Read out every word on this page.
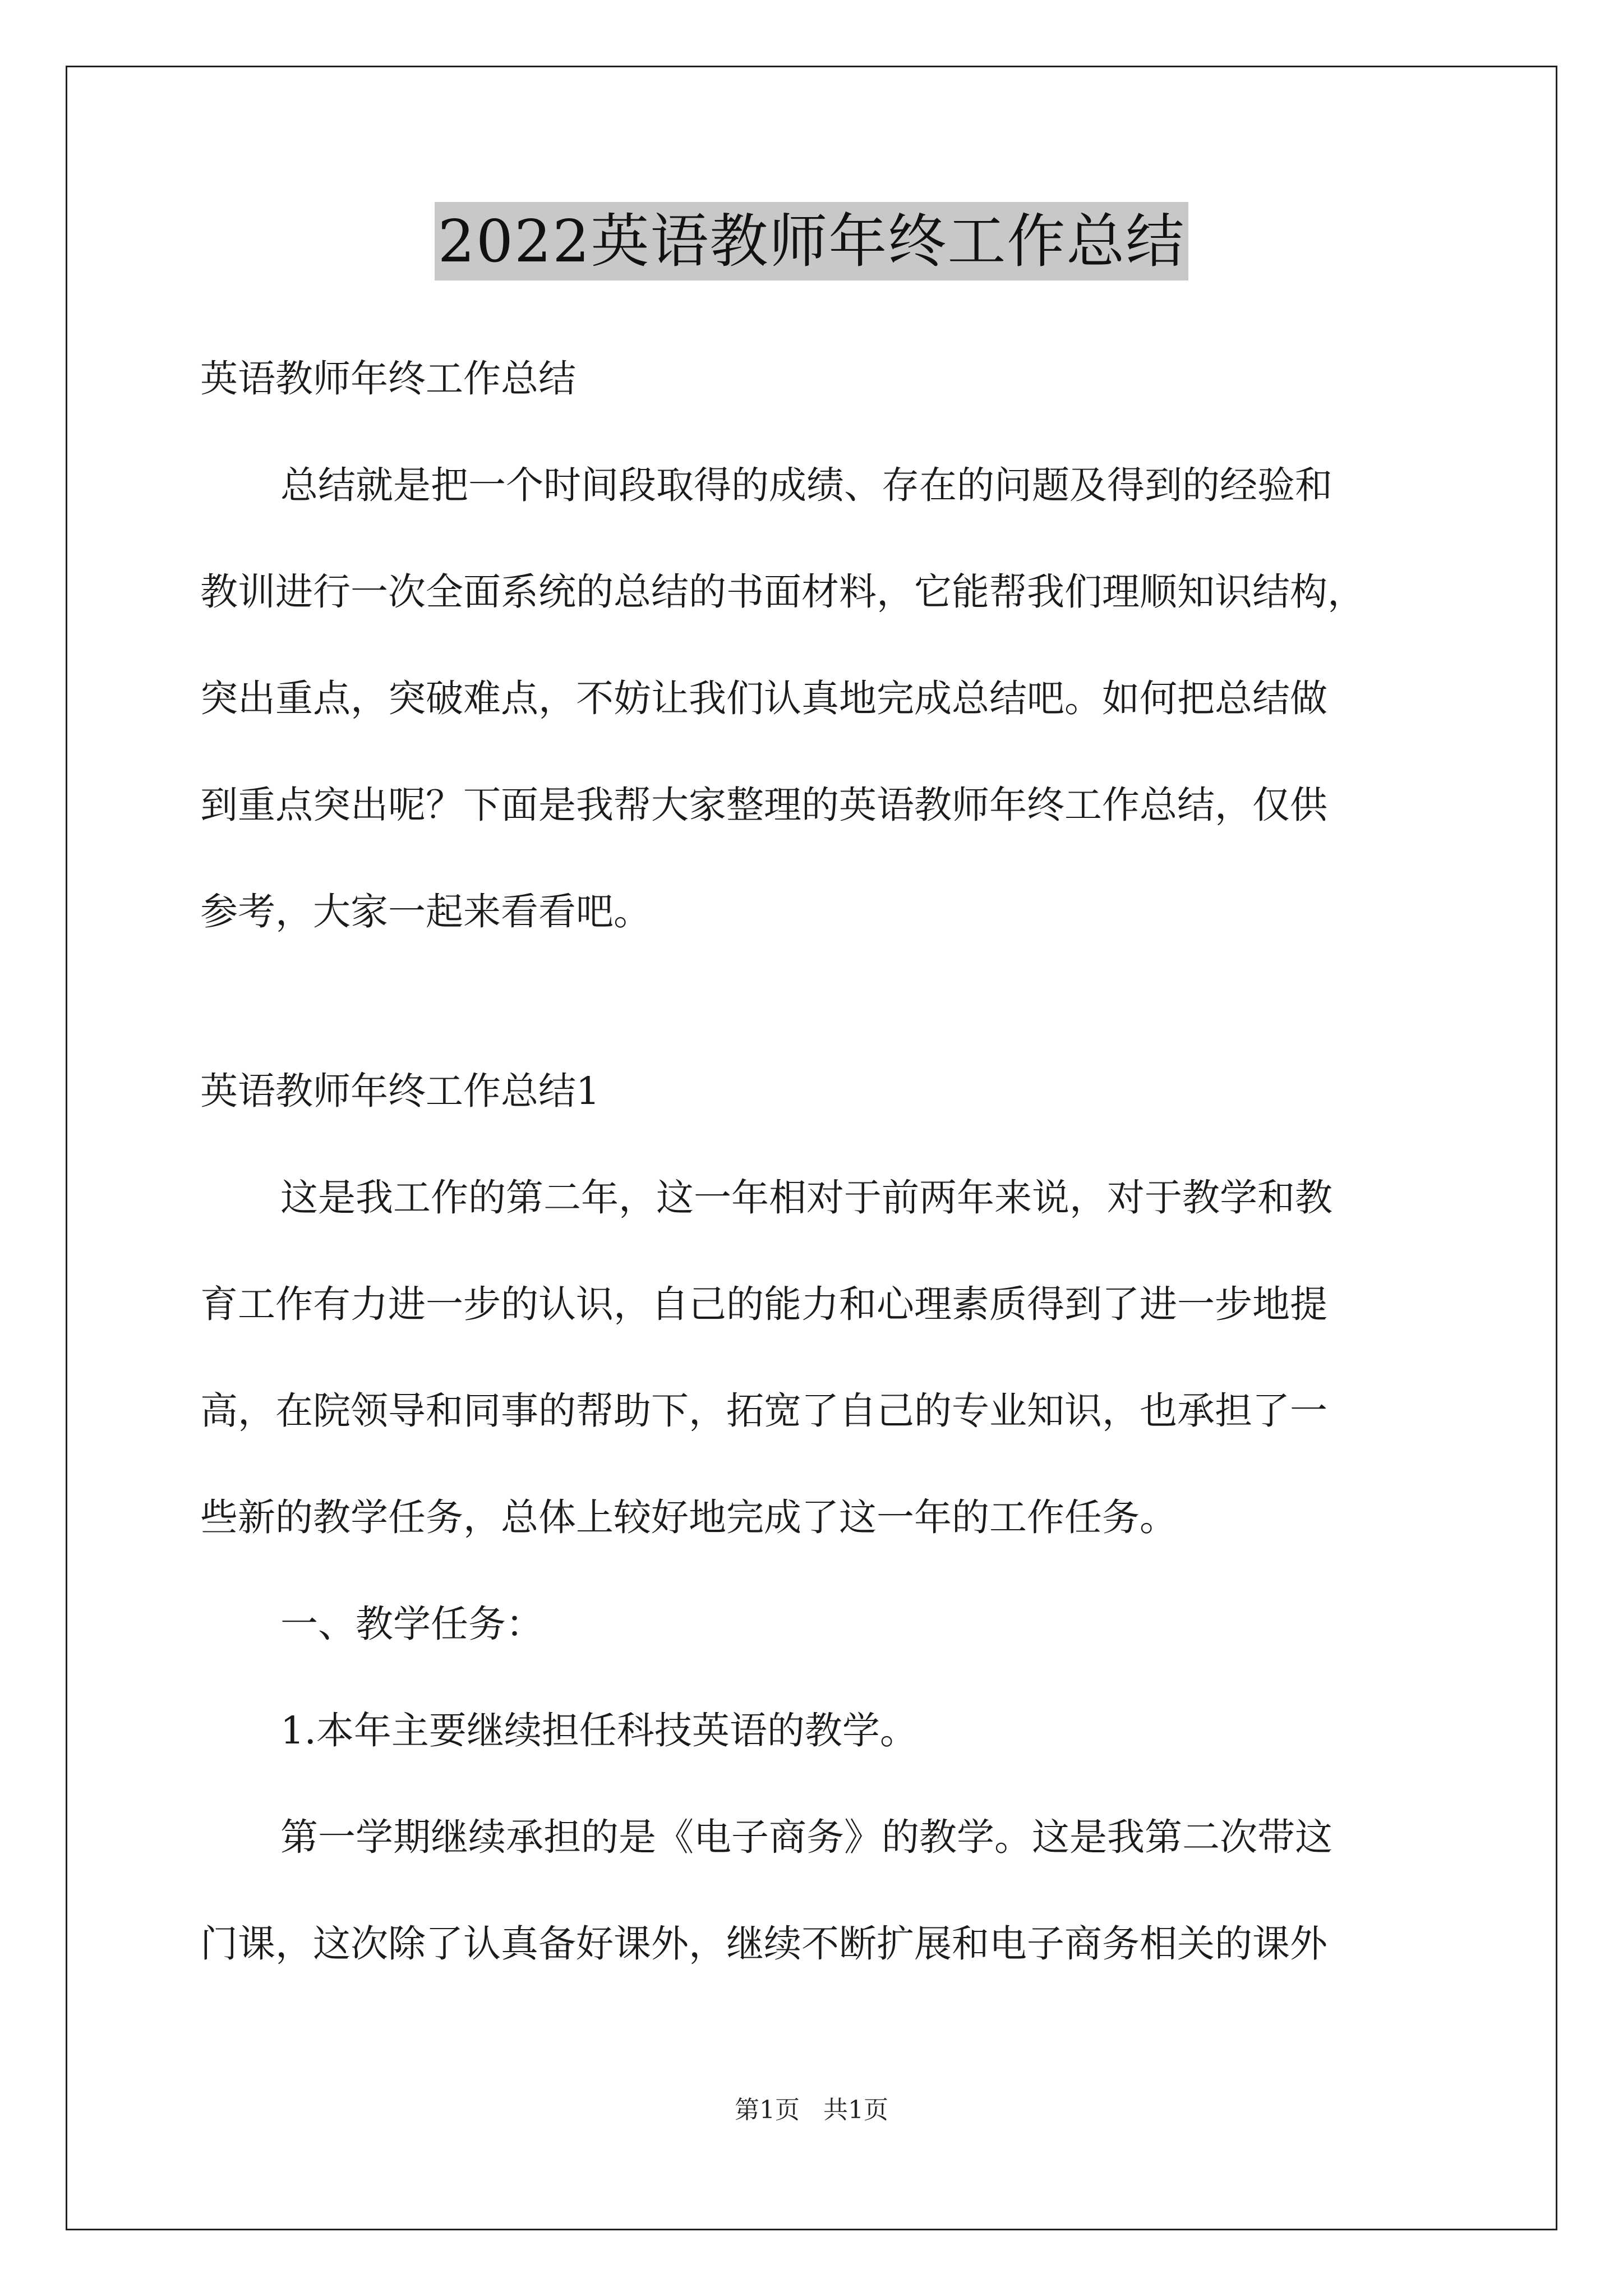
2022英语教师年终工作总结
英语教师年终工作总结
总结就是把一个时间段取得的成绩、存在的问题及得到的经验和
教训进行一次全面系统的总结的书面材料，它能帮我们理顺知识结构，
突出重点，突破难点，不妨让我们认真地完成总结吧。如何把总结做
到重点突出呢？下面是我帮大家整理的英语教师年终工作总结，仅供
参考，大家一起来看看吧。
英语教师年终工作总结1
这是我工作的第二年，这一年相对于前两年来说，对于教学和教
育工作有力进一步的认识，自己的能力和心理素质得到了进一步地提
高，在院领导和同事的帮助下，拓宽了自己的专业知识，也承担了一
些新的教学任务，总体上较好地完成了这一年的工作任务。
一、教学任务：
1.本年主要继续担任科技英语的教学。
第一学期继续承担的是《电子商务》的教学。这是我第二次带这
门课，这次除了认真备好课外，继续不断扩展和电子商务相关的课外
第1页 共1页
